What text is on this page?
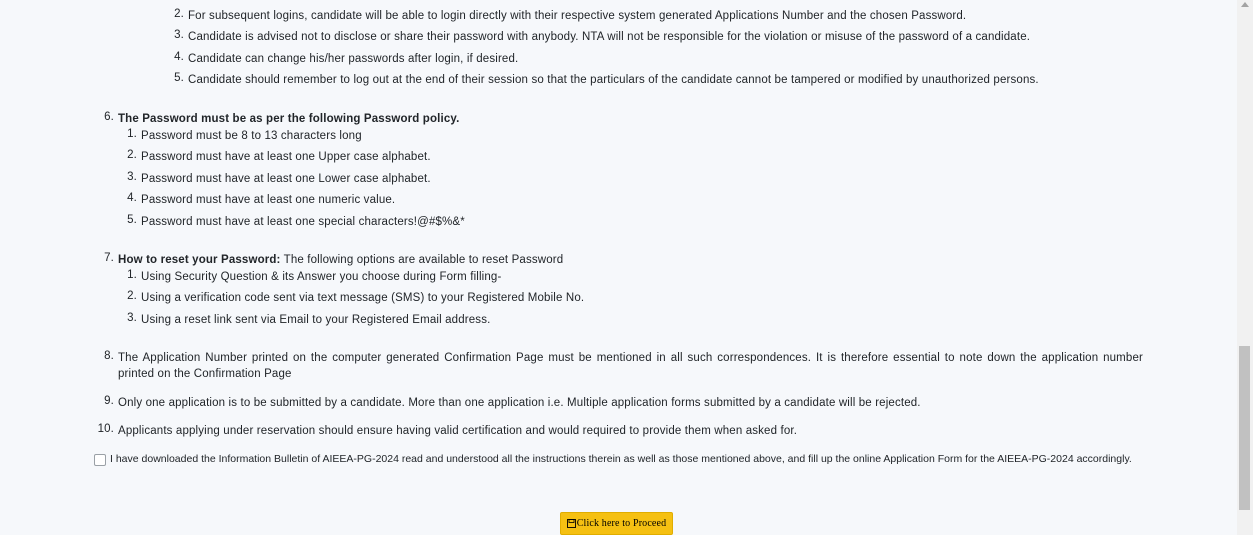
2. For subsequent logins, candidate will be able to login directly with their respective system generated Applications Number and the chosen Password.
3. Candidate is advised not to disclose or share their password with anybody. NTA will not be responsible for the violation or misuse of the password of a candidate.
4. Candidate can change his/her passwords after login, if desired.
5. Candidate should remember to log out at the end of their session so that the particulars of the candidate cannot be tampered or modified by unauthorized persons.
6. The Password must be as per the following Password policy.
1. Password must be 8 to 13 characters long
2. Password must have at least one Upper case alphabet.
3. Password must have at least one Lower case alphabet.
4. Password must have at least one numeric value.
5. Password must have at least one special characters!@#$%&*
7. How to reset your Password: The following options are available to reset Password
1. Using Security Question & its Answer you choose during Form filling-
2. Using a verification code sent via text message (SMS) to your Registered Mobile No.
3. Using a reset link sent via Email to your Registered Email address.
8. The Application Number printed on the computer generated Confirmation Page must be mentioned in all such correspondences. It is therefore essential to note down the application number
printed on the Confirmation Page
9. Only one application is to be submitted by a candidate. More than one application i.e. Multiple application forms submitted by a candidate will be rejected.
10. Applicants applying under reservation should ensure having valid certification and would required to provide them when asked for.
I have downloaded the Information Bulletin of AIEEA-PG-2024 read and understood all the instructions therein as well as those mentioned above, and fill up the online Application Form for the AIEEA-PG-2024 accordingly.
Click here to Proceed
